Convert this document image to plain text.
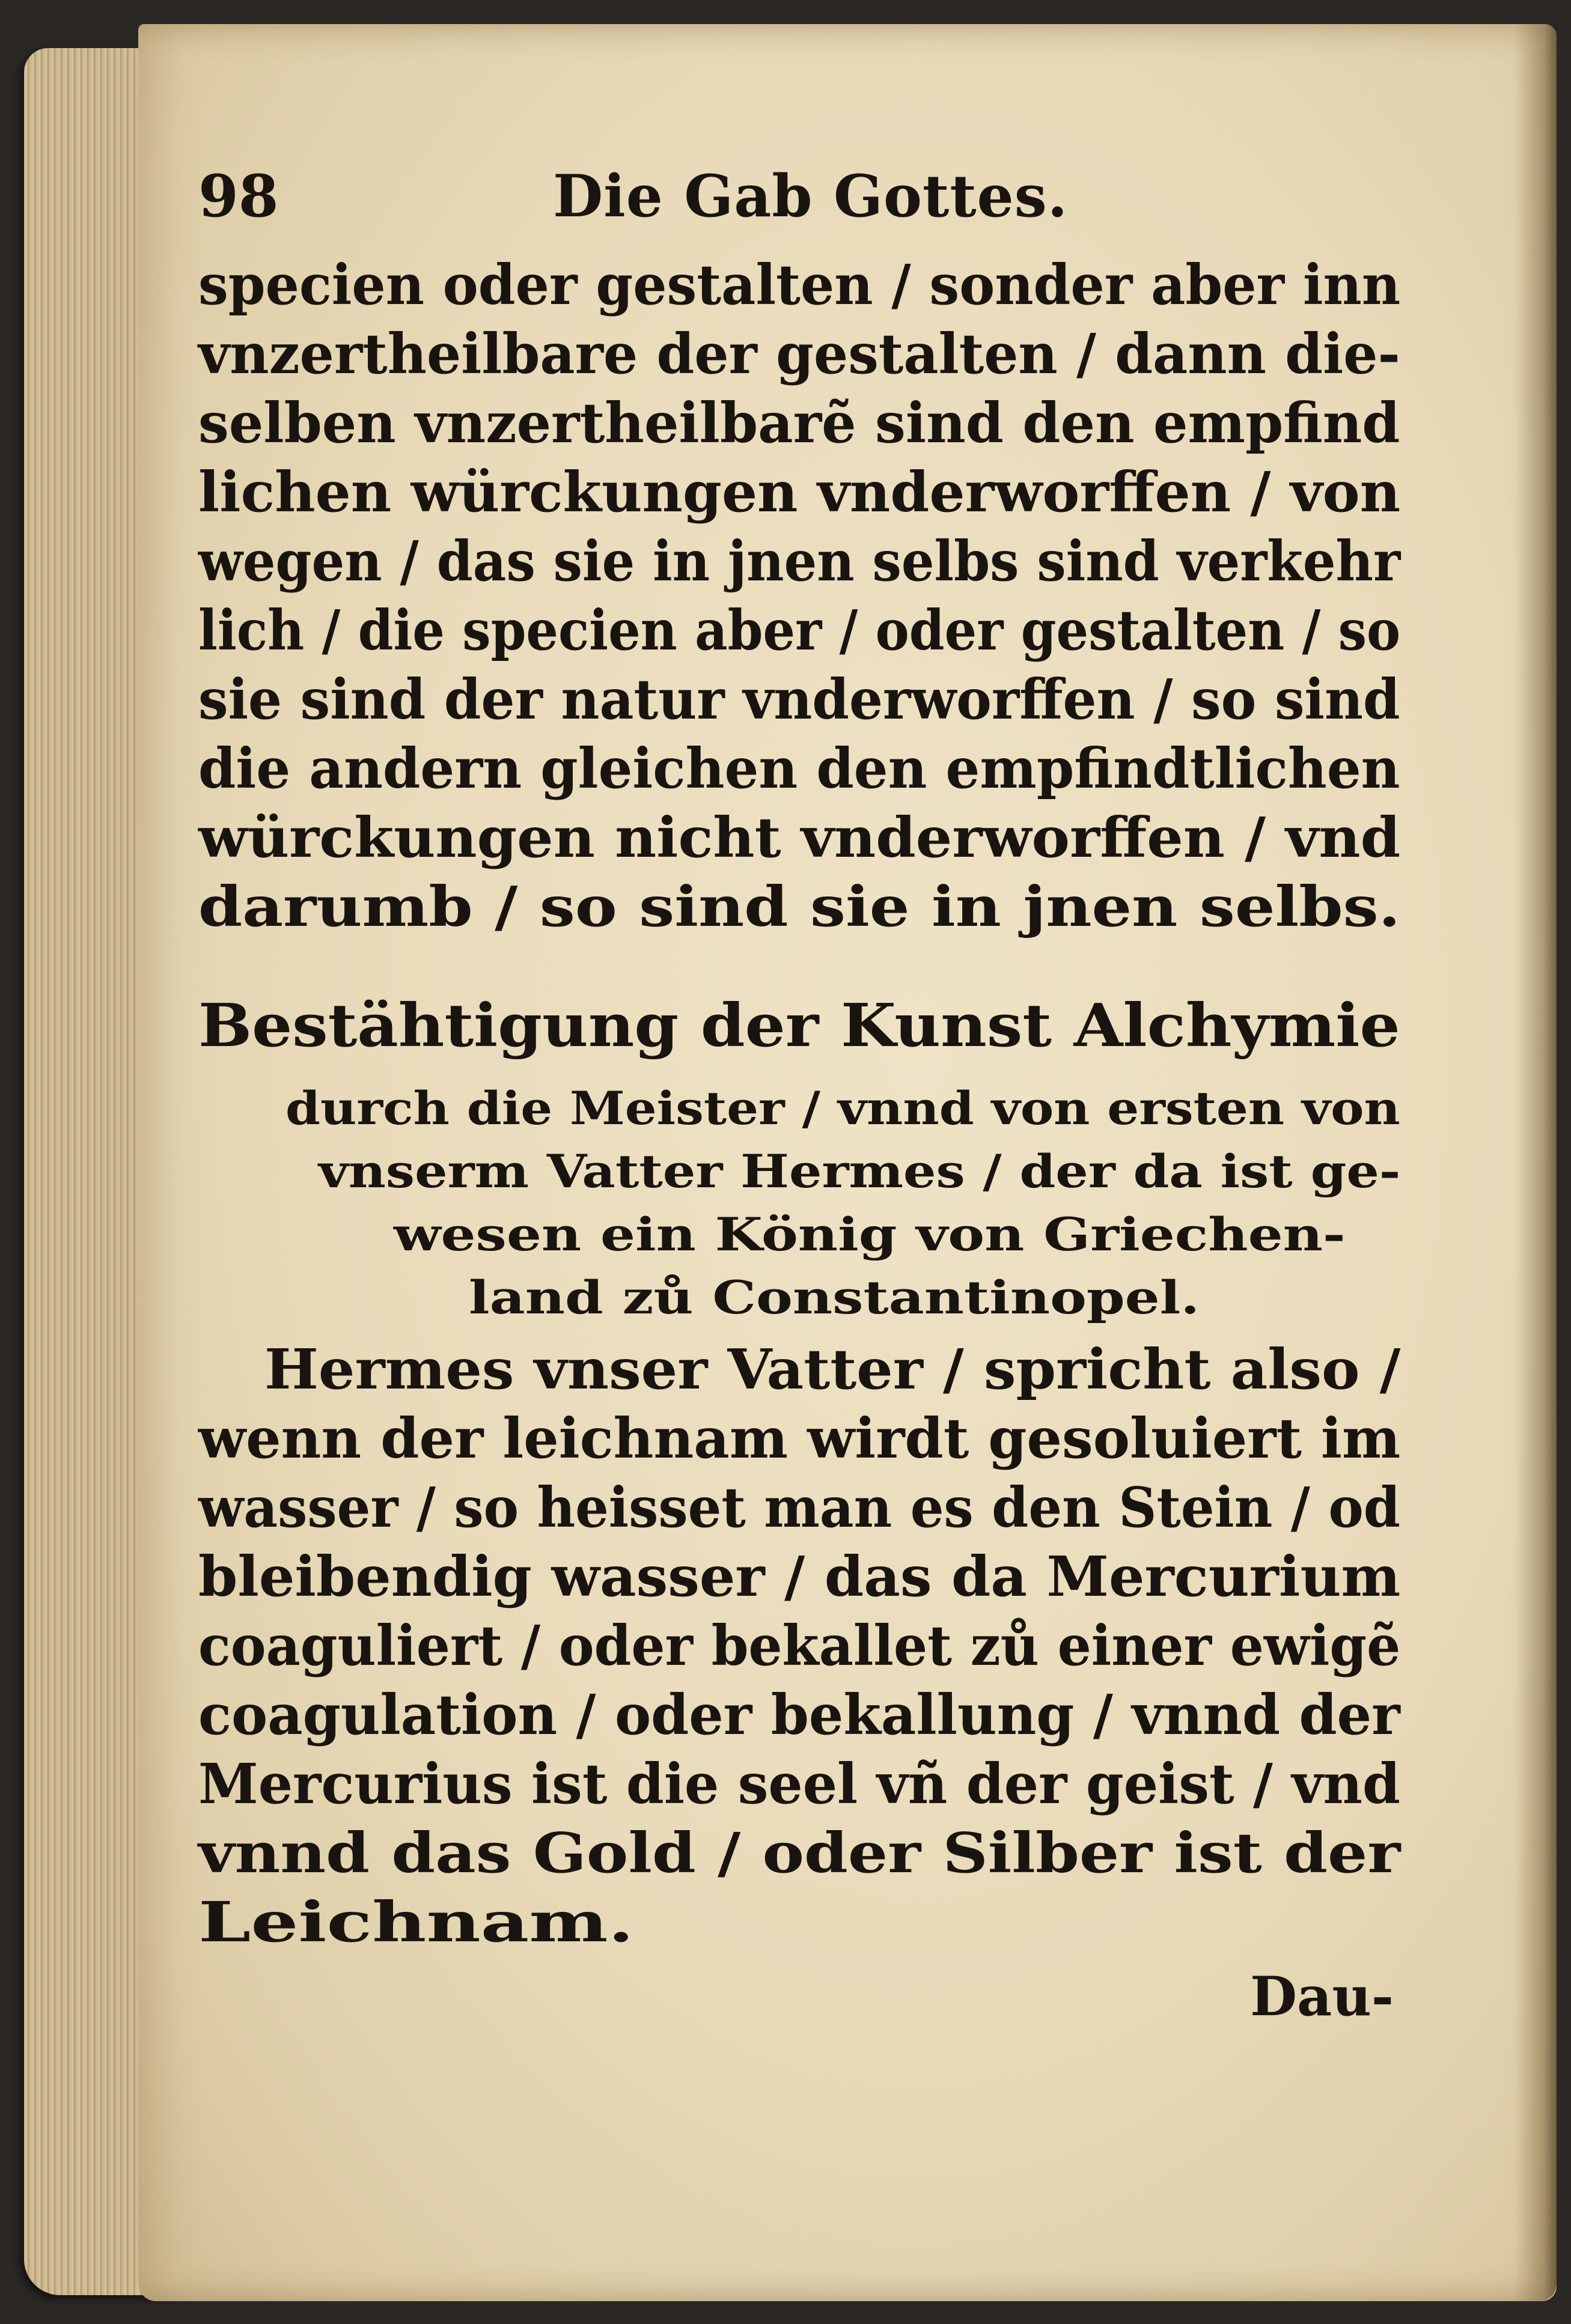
98	Die Gab Gottes.
specien oder gestalten / sonder aber inn
vnzertheilbare der gestalten / dann die-
selben vnzertheilbarẽ sind den empfind
lichen würckungen vnderworffen / von
wegen / das sie in jnen selbs sind verkehr
lich / die specien aber / oder gestalten / so
sie sind der natur vnderworffen / so sind
die andern gleichen den empfindtlichen
würckungen nicht vnderworffen / vnd
darumb / so sind sie in jnen selbs.
Bestähtigung der Kunst Alchymie
durch die Meister / vnnd von ersten von
vnserm Vatter Hermes / der da ist ge-
wesen ein König von Griechen-
land zů Constantinopel.
Hermes vnser Vatter / spricht also /
wenn der leichnam wirdt gesoluiert im
wasser / so heisset man es den Stein / od
bleibendig wasser / das da Mercurium
coaguliert / oder bekallet zů einer ewigẽ
coagulation / oder bekallung / vnnd der
Mercurius ist die seel vñ der geist / vnd
vnnd das Gold / oder Silber ist der
Leichnam.
Dau-
